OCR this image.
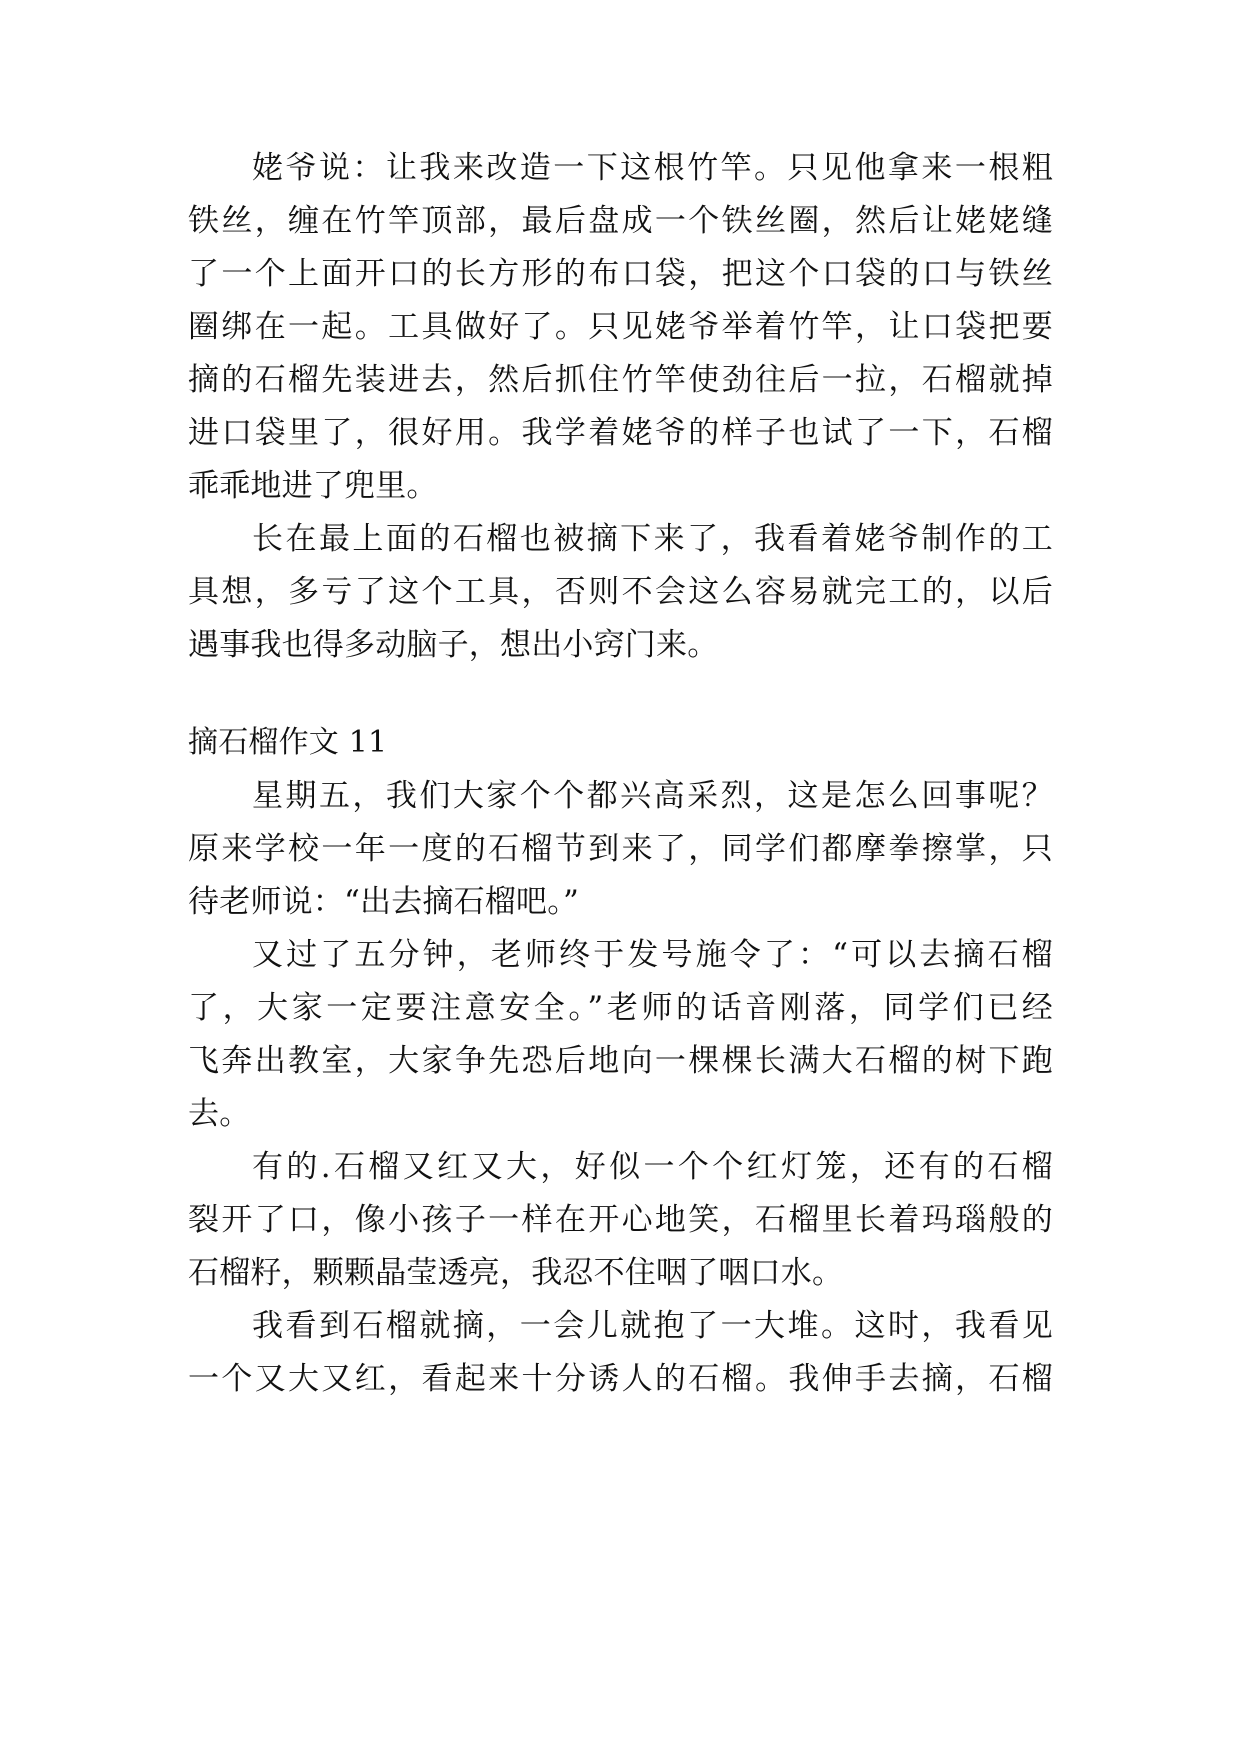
姥爷说：让我来改造一下这根竹竿。只见他拿来一根粗
铁丝，缠在竹竿顶部，最后盘成一个铁丝圈，然后让姥姥缝
了一个上面开口的长方形的布口袋，把这个口袋的口与铁丝
圈绑在一起。工具做好了。只见姥爷举着竹竿，让口袋把要
摘的石榴先装进去，然后抓住竹竿使劲往后一拉，石榴就掉
进口袋里了，很好用。我学着姥爷的样子也试了一下，石榴
乖乖地进了兜里。
长在最上面的石榴也被摘下来了，我看着姥爷制作的工
具想，多亏了这个工具，否则不会这么容易就完工的，以后
遇事我也得多动脑子，想出小窍门来。
摘石榴作文 11
星期五，我们大家个个都兴高采烈，这是怎么回事呢？
原来学校一年一度的石榴节到来了，同学们都摩拳擦掌，只
待老师说：“出去摘石榴吧。”
又过了五分钟，老师终于发号施令了：“可以去摘石榴
了，大家一定要注意安全。”老师的话音刚落，同学们已经
飞奔出教室，大家争先恐后地向一棵棵长满大石榴的树下跑
去。
有的.石榴又红又大，好似一个个红灯笼，还有的石榴
裂开了口，像小孩子一样在开心地笑，石榴里长着玛瑙般的
石榴籽，颗颗晶莹透亮，我忍不住咽了咽口水。
我看到石榴就摘，一会儿就抱了一大堆。这时，我看见
一个又大又红，看起来十分诱人的石榴。我伸手去摘，石榴
